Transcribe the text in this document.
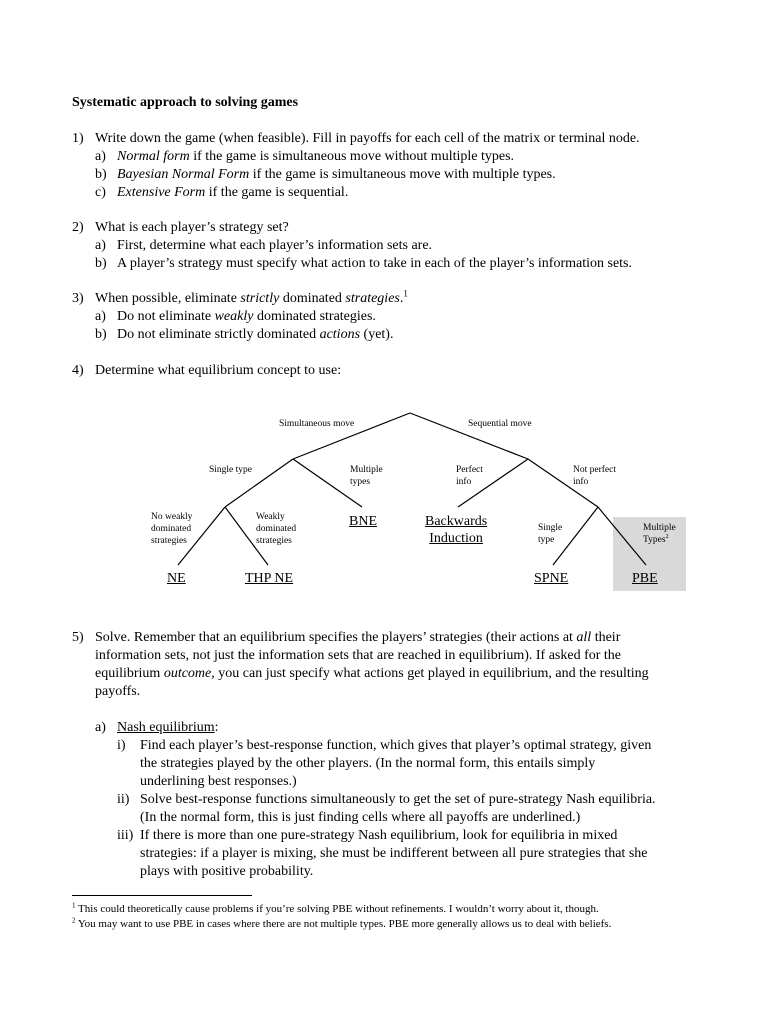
Systematic approach to solving games
1) Write down the game (when feasible). Fill in payoffs for each cell of the matrix or terminal node.
a) Normal form if the game is simultaneous move without multiple types.
b) Bayesian Normal Form if the game is simultaneous move with multiple types.
c) Extensive Form if the game is sequential.
2) What is each player’s strategy set?
a) First, determine what each player’s information sets are.
b) A player’s strategy must specify what action to take in each of the player’s information sets.
3) When possible, eliminate strictly dominated strategies.$^1$
a) Do not eliminate weakly dominated strategies.
b) Do not eliminate strictly dominated actions (yet).
4) Determine what equilibrium concept to use:
Simultaneous move	Sequential move
Single type	Multiple
types
Perfect
info
Not perfect
info
No weakly
dominated
strategies
Weakly
dominated
strategies
BNE	Backwards
Induction
Single
type
Multiple
Types$^2$
NE	THP NE	SPNE	PBE
5) Solve. Remember that an equilibrium specifies the players’ strategies (their actions at all their
information sets, not just the information sets that are reached in equilibrium). If asked for the
equilibrium outcome, you can just specify what actions get played in equilibrium, and the resulting
payoffs.
a) Nash equilibrium:
i) Find each player’s best-response function, which gives that player’s optimal strategy, given
the strategies played by the other players. (In the normal form, this entails simply
underlining best responses.)
ii) Solve best-response functions simultaneously to get the set of pure-strategy Nash equilibria.
(In the normal form, this is just finding cells where all payoffs are underlined.)
iii) If there is more than one pure-strategy Nash equilibrium, look for equilibria in mixed
strategies: if a player is mixing, she must be indifferent between all pure strategies that she
plays with positive probability.
$^1$ This could theoretically cause problems if you’re solving PBE without refinements. I wouldn’t worry about it, though.
$^2$ You may want to use PBE in cases where there are not multiple types. PBE more generally allows us to deal with beliefs.
